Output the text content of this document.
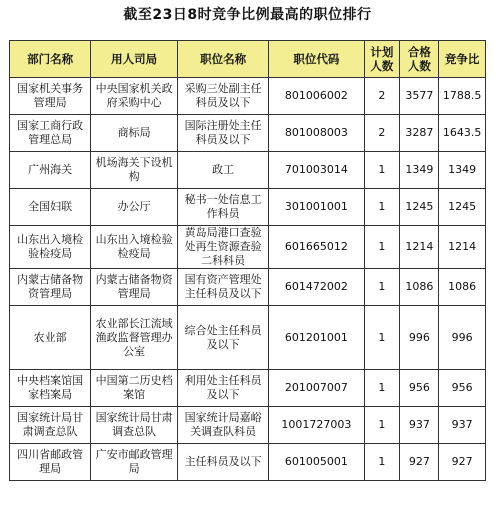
截至23日8时竞争比例最高的职位排行
部门名称	用人司局	职位名称	职位代码	计划人数	合格人数	竞争比
国家机关事务管理局	中央国家机关政府采购中心	采购三处副主任科员及以下	801006002	2	3577	1788.5
国家工商行政管理总局	商标局	国际注册处主任科员及以下	801008003	2	3287	1643.5
广州海关	机场海关下设机构	政工	701003014	1	1349	1349
全国妇联	办公厅	秘书一处信息工作科员	301001001	1	1245	1245
山东出入境检验检疫局	山东出入境检验检疫局	黄岛局港口查验处再生资源查验二科科员	601665012	1	1214	1214
内蒙古储备物资管理局	内蒙古储备物资管理局	国有资产管理处主任科员及以下	601472002	1	1086	1086
农业部	农业部长江流域渔政监督管理办公室	综合处主任科员及以下	601201001	1	996	996
中央档案馆国家档案局	中国第二历史档案馆	利用处主任科员及以下	201007007	1	956	956
国家统计局甘肃调查总队	国家统计局甘肃调查总队	国家统计局嘉峪关调查队科员	1001727003	1	937	937
四川省邮政管理局	广安市邮政管理局	主任科员及以下	601005001	1	927	927
